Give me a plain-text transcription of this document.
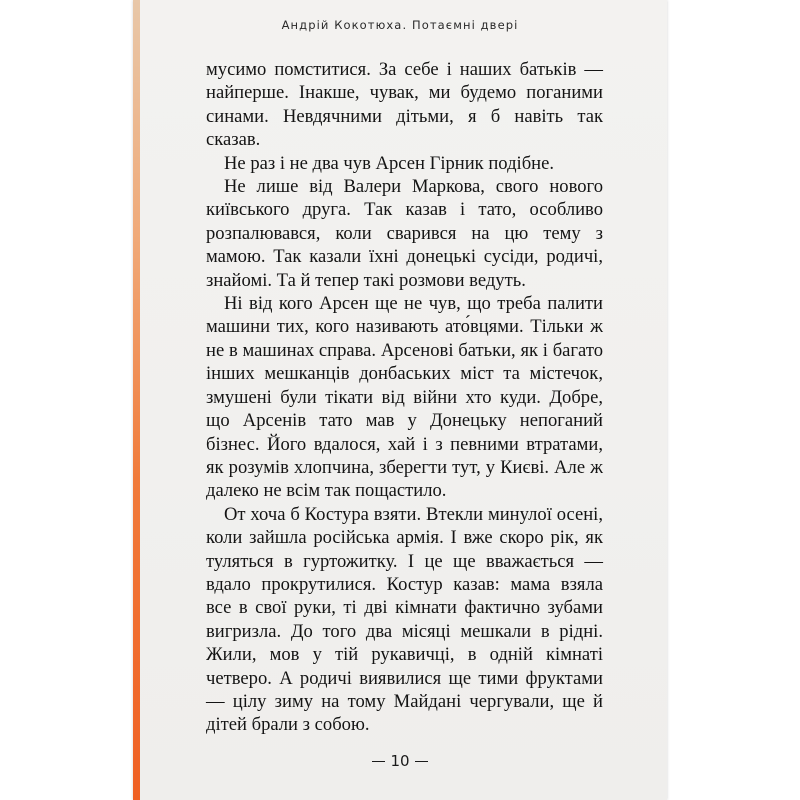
Андрій Кокотюха. Потаємні двері

мусимо помститися. За себе і наших батьків — найперше. Інакше, чувак, ми будемо поганими синами. Невдячними дітьми, я б навіть так сказав.

Не раз і не два чув Арсен Гірник подібне.

Не лише від Валери Маркова, свого нового київського друга. Так казав і тато, особливо розпалювався, коли сварився на цю тему з мамою. Так казали їхні донецькі сусіди, родичі, знайомі. Та й тепер такі розмови ведуть.

Ні від кого Арсен ще не чув, що треба палити машини тих, кого називають ато́вцями. Тільки ж не в машинах справа. Арсенові батьки, як і багато інших мешканців донбаських міст та містечок, змушені були тікати від війни хто куди. Добре, що Арсенів тато мав у Донецьку непоганий бізнес. Його вдалося, хай і з певними втратами, як розумів хлопчина, зберегти тут, у Києві. Але ж далеко не всім так пощастило.

От хоча б Костура взяти. Втекли минулої осені, коли зайшла російська армія. І вже скоро рік, як туляться в гуртожитку. І це ще вважається — вдало прокрутилися. Костур казав: мама взяла все в свої руки, ті дві кімнати фактично зубами вигризла. До того два місяці мешкали в рідні. Жили, мов у тій рукавичці, в одній кімнаті четверо. А родичі виявилися ще тими фруктами — цілу зиму на тому Майдані чергували, ще й дітей брали з собою.

10
